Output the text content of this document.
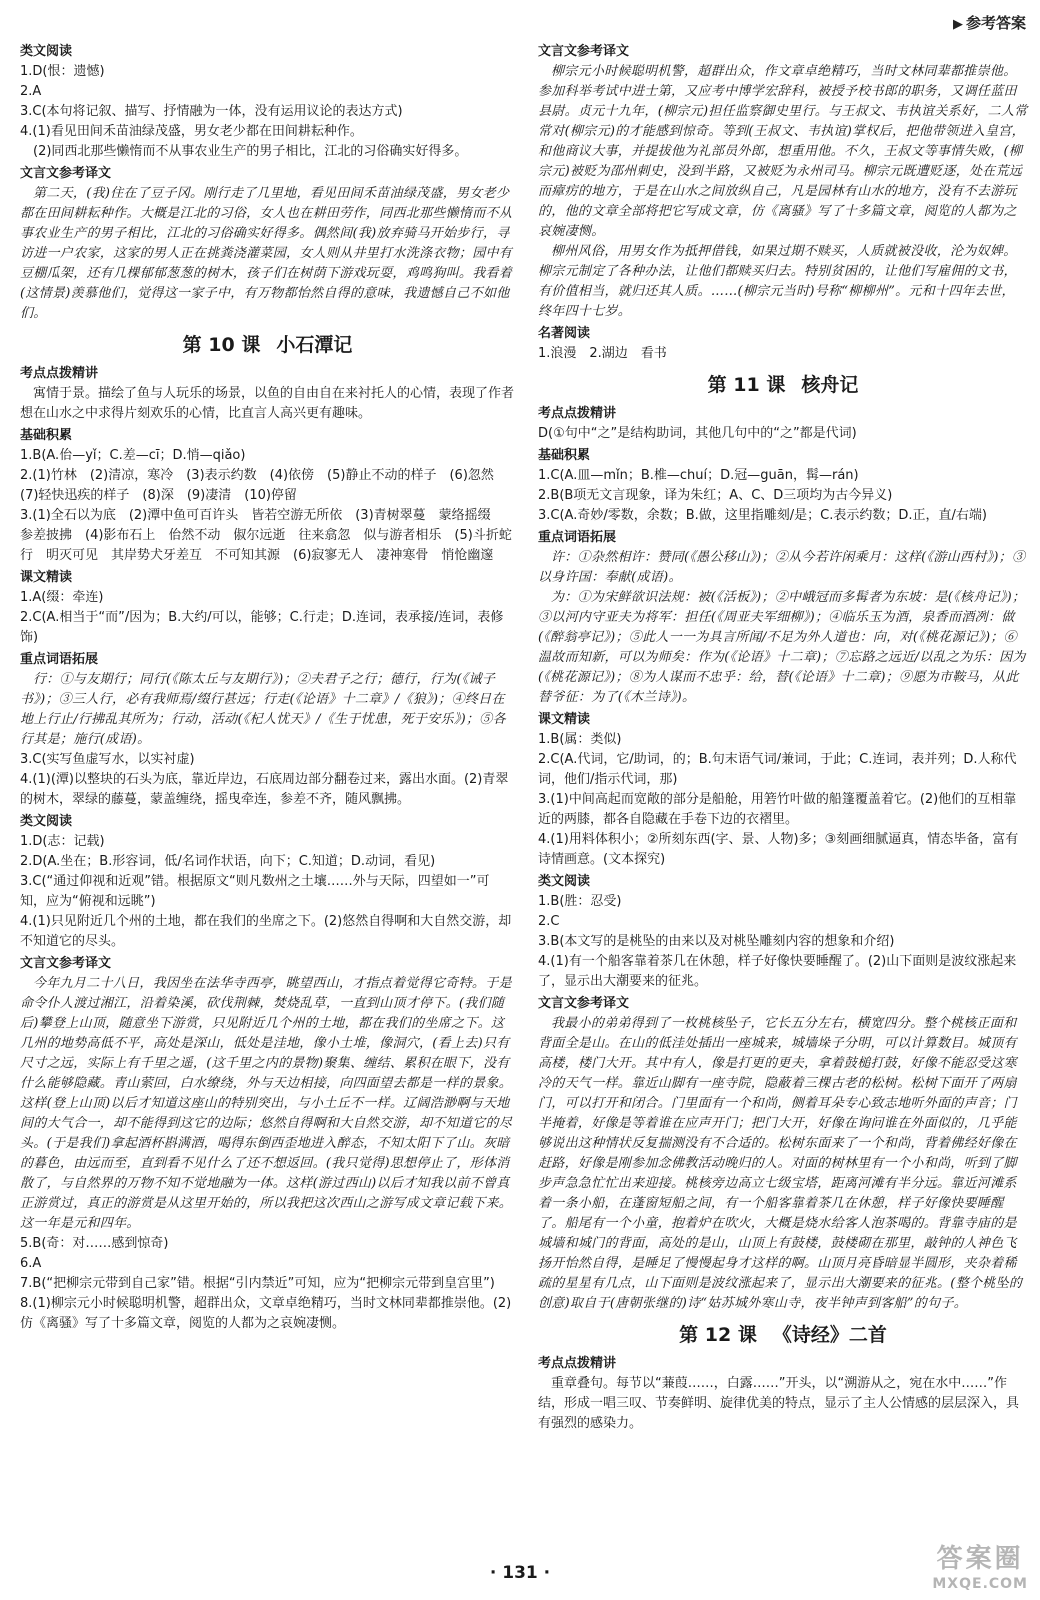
▶ 参考答案
类文阅读
1.D(恨：遗憾)
2.A
3.C(本句将记叙、描写、抒情融为一体，没有运用议论的表达方式)
4.(1)看见田间禾苗油绿茂盛，男女老少都在田间耕耘种作。
(2)同西北那些懒惰而不从事农业生产的男子相比，江北的习俗确实好得多。
文言文参考译文
第二天，(我)住在了豆子冈。刚行走了几里地，看见田间禾苗油绿茂盛，男女老少都在田间耕耘种作。大概是江北的习俗，女人也在耕田劳作，同西北那些懒惰而不从事农业生产的男子相比，江北的习俗确实好得多。偶然间(我)放弃骑马开始步行，寻访进一户农家，这家的男人正在挑粪浇灌菜园，女人则从井里打水洗涤衣物；园中有豆棚瓜架，还有几棵郁郁葱葱的树木，孩子们在树荫下游戏玩耍，鸡鸣狗叫。我看着(这情景)羡慕他们，觉得这一家子中，有万物都怡然自得的意味，我遗憾自己不如他们。
第 10 课 小石潭记
考点点拨精讲
寓情于景。描绘了鱼与人玩乐的场景，以鱼的自由自在来衬托人的心情，表现了作者想在山水之中求得片刻欢乐的心情，比直言人高兴更有趣味。
基础积累
1.B(A.佁—yǐ；C.差—cī；D.悄—qiǎo)
2.(1)竹林　(2)清凉，寒冷　(3)表示约数　(4)依傍　(5)静止不动的样子　(6)忽然　(7)轻快迅疾的样子　(8)深　(9)凄清　(10)停留
3.(1)全石以为底　(2)潭中鱼可百许头　皆若空游无所依　(3)青树翠蔓　蒙络摇缀　参差披拂　(4)影布石上　佁然不动　俶尔远逝　往来翕忽　似与游者相乐　(5)斗折蛇行　明灭可见　其岸势犬牙差互　不可知其源　(6)寂寥无人　凄神寒骨　悄怆幽邃
课文精读
1.A(缀：牵连)
2.C(A.相当于“而”/因为；B.大约/可以，能够；C.行走；D.连词，表承接/连词，表修饰)
重点词语拓展
行：①与友期行；同行(《陈太丘与友期行》)；②夫君子之行；德行，行为(《诫子书》)；③三人行，必有我师焉/缀行甚远；行走(《论语》十二章》/《狼》)；④终日在地上行止/行拂乱其所为；行动，活动(《杞人忧天》/《生于忧患，死于安乐》)；⑤各行其是；施行(成语)。
3.C(实写鱼虚写水，以实衬虚)
4.(1)(潭)以整块的石头为底，靠近岸边，石底周边部分翻卷过来，露出水面。(2)青翠的树木，翠绿的藤蔓，蒙盖缠绕，摇曳牵连，参差不齐，随风飘拂。
类文阅读
1.D(志：记载)
2.D(A.坐在；B.形容词，低/名词作状语，向下；C.知道；D.动词，看见)
3.C(“通过仰视和近观”错。根据原文“则凡数州之土壤……外与天际，四望如一”可知，应为“俯视和远眺”)
4.(1)只见附近几个州的土地，都在我们的坐席之下。(2)悠然自得啊和大自然交游，却不知道它的尽头。
文言文参考译文
今年九月二十八日，我因坐在法华寺西亭，眺望西山，才指点着觉得它奇特。于是命令仆人渡过湘江，沿着染溪，砍伐荆棘，焚烧乱草，一直到山顶才停下。(我们随后)攀登上山顶，随意坐下游赏，只见附近几个州的土地，都在我们的坐席之下。这几州的地势高低不平，高处是深山，低处是洼地，像小土堆，像洞穴，(看上去)只有尺寸之远，实际上有千里之遥，(这千里之内的景物)聚集、缠结、累积在眼下，没有什么能够隐藏。青山萦回，白水缭绕，外与天边相接，向四面望去都是一样的景象。这样(登上山顶)以后才知道这座山的特别突出，与小土丘不一样。辽阔浩渺啊与天地间的大气合一，却不能得到这它的边际；悠然自得啊和大自然交游，却不知道它的尽头。(于是我们)拿起酒杯斟满酒，喝得东倒西歪地进入醉态，不知太阳下了山。灰暗的暮色，由远而至，直到看不见什么了还不想返回。(我只觉得)思想停止了，形体消散了，与自然界的万物不知不觉地融为一体。这样(游过西山)以后才知我以前不曾真正游赏过，真正的游赏是从这里开始的，所以我把这次西山之游写成文章记载下来。这一年是元和四年。
5.B(奇：对……感到惊奇)
6.A
7.B(“把柳宗元带到自己家”错。根据“引内禁近”可知，应为“把柳宗元带到皇宫里”)
8.(1)柳宗元小时候聪明机警，超群出众，文章卓绝精巧，当时文林同辈都推崇他。(2)仿《离骚》写了十多篇文章，阅览的人都为之哀婉凄恻。
文言文参考译文
柳宗元小时候聪明机警，超群出众，作文章卓绝精巧，当时文林同辈都推崇他。参加科举考试中进士第，又应考中博学宏辞科，被授予校书郎的职务，又调任蓝田县尉。贞元十九年，(柳宗元)担任监察御史里行。与王叔文、韦执谊关系好，二人常常对(柳宗元)的才能感到惊奇。等到(王叔文、韦执谊)掌权后，把他带领进入皇宫，和他商议大事，并提拔他为礼部员外郎，想重用他。不久，王叔文等事情失败，(柳宗元)被贬为邵州刺史，没到半路，又被贬为永州司马。柳宗元既遭贬逐，处在荒远而瘴疠的地方，于是在山水之间放纵自己，凡是园林有山水的地方，没有不去游玩的，他的文章全部将把它写成文章，仿《离骚》写了十多篇文章，阅览的人都为之哀婉凄恻。
柳州风俗，用男女作为抵押借钱，如果过期不赎买，人质就被没收，沦为奴婢。柳宗元制定了各种办法，让他们都赎买归去。特别贫困的，让他们写雇佣的文书，有价值相当，就归还其人质。……(柳宗元当时)号称“柳柳州”。元和十四年去世，终年四十七岁。
名著阅读
1.浪漫　2.湖边　看书
第 11 课 核舟记
考点点拨精讲
D(①句中“之”是结构助词，其他几句中的“之”都是代词)
基础积累
1.C(A.皿—mǐn；B.椎—chuí；D.冠—guān，髯—rán)
2.B(B项无文言现象，译为朱红；A、C、D三项均为古今异义)
3.C(A.奇妙/零数，余数；B.做，这里指雕刻/是；C.表示约数；D.正，直/右端)
重点词语拓展
许：①杂然相许：赞同(《愚公移山》)；②从今若许闲乘月：这样(《游山西村》)；③以身许国：奉献(成语)。
为：①为宋鲜欲识法规：被(《活板》)；②中峨冠而多髯者为东坡：是(《核舟记》)；③以河内守亚夫为将军：担任(《周亚夫军细柳》)；④临乐玉为酒，泉香而酒冽：做(《醉翁亭记》)；⑤此人一一为具言所闻/不足为外人道也：向，对(《桃花源记》)；⑥温故而知新，可以为师矣：作为(《论语》十二章)；⑦忘路之远近/以乱之为乐：因为(《桃花源记》)；⑧为人谋而不忠乎：给，替(《论语》十二章)；⑨愿为市鞍马，从此替爷征：为了(《木兰诗》)。
课文精读
1.B(属：类似)
2.C(A.代词，它/助词，的；B.句末语气词/兼词，于此；C.连词，表并列；D.人称代词，他们/指示代词，那)
3.(1)中间高起而宽敞的部分是船舱，用箬竹叶做的船篷覆盖着它。(2)他们的互相靠近的两膝，都各自隐藏在手卷下边的衣褶里。
4.(1)用料体积小；②所刻东西(字、景、人物)多；③刻画细腻逼真，情态毕备，富有诗情画意。(文本探究)
类文阅读
1.B(胜：忍受)
2.C
3.B(本文写的是桃坠的由来以及对桃坠雕刻内容的想象和介绍)
4.(1)有一个船客靠着茶几在休憩，样子好像快要睡醒了。(2)山下面则是波纹涨起来了，显示出大潮要来的征兆。
文言文参考译文
我最小的弟弟得到了一枚桃核坠子，它长五分左右，横宽四分。整个桃核正面和背面全是山。在山的低洼处插出一座城来，城墙垛子分明，可以计算数目。城顶有高楼，楼门大开。其中有人，像是打更的更夫，拿着鼓槌打鼓，好像不能忍受这寒冷的天气一样。靠近山脚有一座寺院，隐蔽着三棵古老的松树。松树下面开了两扇门，可以打开和闭合。门里面有一个和尚，侧着耳朵专心致志地听外面的声音；门半掩着，好像是等着谁在应声开门；把门大开，好像在询问谁在外面似的，几乎能够说出这种情状反复揣测没有不合适的。松树东面来了一个和尚，背着佛经好像在赶路，好像是刚参加念佛教活动晚归的人。对面的树林里有一个小和尚，听到了脚步声急急忙忙出来迎接。桃核旁边高立七级宝塔，距离河滩有半分远。靠近河滩系着一条小船，在蓬窗短船之间，有一个船客靠着茶几在休憩，样子好像快要睡醒了。船尾有一个小童，抱着炉在吹火，大概是烧水给客人泡茶喝的。背靠寺庙的是城墙和城门的背面，高处的是山，山顶上有鼓楼，鼓楼砌在那里，敲钟的人神色飞扬开怡然自得，是睡足了慢慢起身才这样的啊。山顶月亮昏暗显半圆形，夹杂着稀疏的星星有几点，山下面则是波纹涨起来了，显示出大潮要来的征兆。(整个桃坠的创意)取自于(唐朝张继的)诗“姑苏城外寒山寺，夜半钟声到客船”的句子。
第 12 课 《诗经》二首
考点点拨精讲
重章叠句。每节以“蒹葭……，白露……”开头，以“溯游从之，宛在水中……”作结，形成一唱三叹、节奏鲜明、旋律优美的特点，显示了主人公情感的层层深入，具有强烈的感染力。
· 131 ·	答案圈
MXQE.COM
